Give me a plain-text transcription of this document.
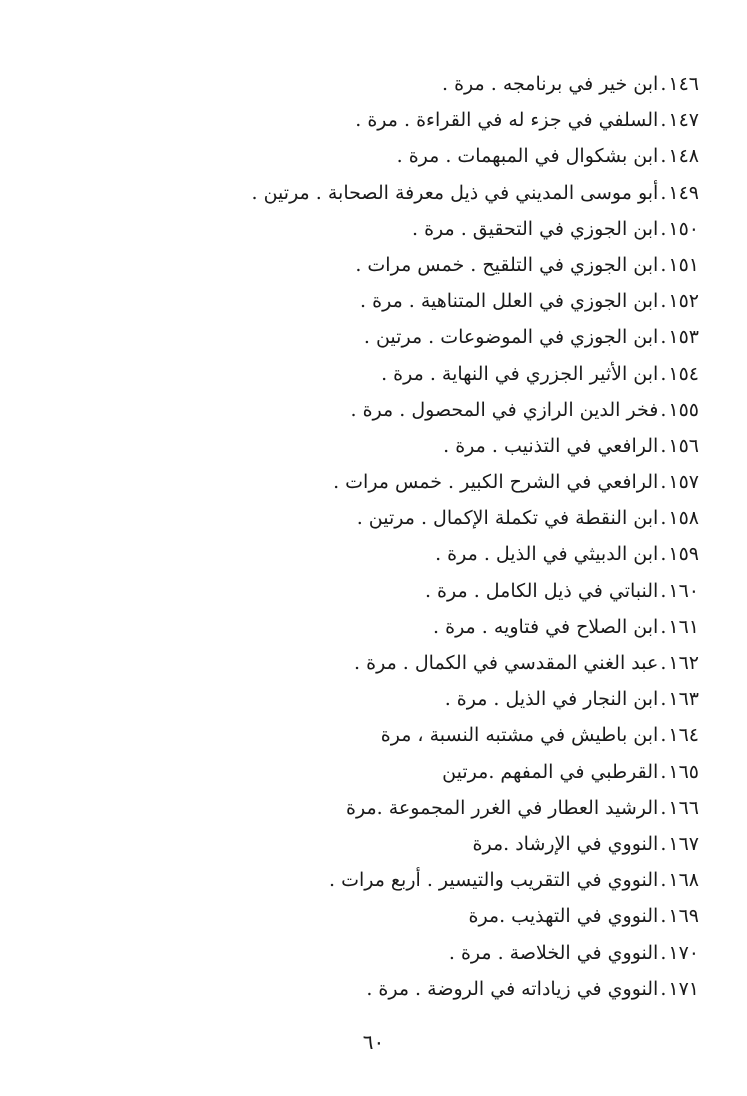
١٤٦.ابن خير في برنامجه . مرة .
١٤٧.السلفي في جزء له في القراءة . مرة .
١٤٨.ابن بشكوال في المبهمات . مرة .
١٤٩.أبو موسى المديني في ذيل معرفة الصحابة . مرتين .
١٥٠.ابن الجوزي في التحقيق . مرة .
١٥١.ابن الجوزي في التلقيح . خمس مرات .
١٥٢.ابن الجوزي في العلل المتناهية . مرة .
١٥٣.ابن الجوزي في الموضوعات . مرتين .
١٥٤.ابن الأثير الجزري في النهاية . مرة .
١٥٥.فخر الدين الرازي في المحصول . مرة .
١٥٦.الرافعي في التذنيب . مرة .
١٥٧.الرافعي في الشرح الكبير . خمس مرات .
١٥٨.ابن النقطة في تكملة الإكمال . مرتين .
١٥٩.ابن الدبيثي في الذيل . مرة .
١٦٠.النباتي في ذيل الكامل . مرة .
١٦١.ابن الصلاح في فتاويه . مرة .
١٦٢.عبد الغني المقدسي في الكمال . مرة .
١٦٣.ابن النجار في الذيل . مرة .
١٦٤.ابن باطيش في مشتبه النسبة ، مرة
١٦٥.القرطبي في المفهم .مرتين
١٦٦.الرشيد العطار في الغرر المجموعة .مرة
١٦٧.النووي في الإرشاد .مرة
١٦٨.النووي في التقريب والتيسير . أربع مرات .
١٦٩.النووي في التهذيب .مرة
١٧٠.النووي في الخلاصة . مرة .
١٧١.النووي في زياداته في الروضة . مرة .
٦٠
